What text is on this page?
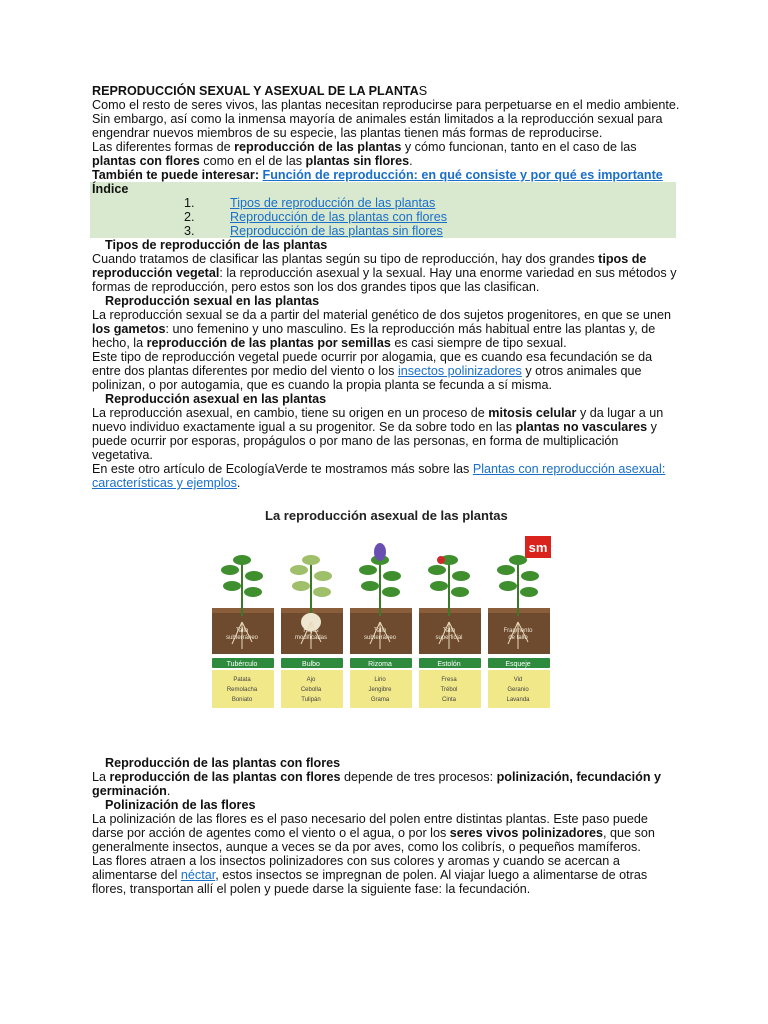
REPRODUCCIÓN SEXUAL Y ASEXUAL DE LA PLANTAS

Como el resto de seres vivos, las plantas necesitan reproducirse para perpetuarse en el medio ambiente. Sin embargo, así como la inmensa mayoría de animales están limitados a la reproducción sexual para engendrar nuevos miembros de su especie, las plantas tienen más formas de reproducirse.

Las diferentes formas de reproducción de las plantas y cómo funcionan, tanto en el caso de las plantas con flores como en el de las plantas sin flores.

También te puede interesar: Función de reproducción: en qué consiste y por qué es importante

Índice
1.	Tipos de reproducción de las plantas
2.	Reproducción de las plantas con flores
3.	Reproducción de las plantas sin flores

Tipos de reproducción de las plantas

Cuando tratamos de clasificar las plantas según su tipo de reproducción, hay dos grandes tipos de reproducción vegetal: la reproducción asexual y la sexual. Hay una enorme variedad en sus métodos y formas de reproducción, pero estos son los dos grandes tipos que las clasifican.

Reproducción sexual en las plantas

La reproducción sexual se da a partir del material genético de dos sujetos progenitores, en que se unen los gametos: uno femenino y uno masculino. Es la reproducción más habitual entre las plantas y, de hecho, la reproducción de las plantas por semillas es casi siempre de tipo sexual.

Este tipo de reproducción vegetal puede ocurrir por alogamia, que es cuando esa fecundación se da entre dos plantas diferentes por medio del viento o los insectos polinizadores y otros animales que polinizan, o por autogamia, que es cuando la propia planta se fecunda a sí misma.

Reproducción asexual en las plantas

La reproducción asexual, en cambio, tiene su origen en un proceso de mitosis celular y da lugar a un nuevo individuo exactamente igual a su progenitor. Se da sobre todo en las plantas no vasculares y puede ocurrir por esporas, propágulos o por mano de las personas, en forma de multiplicación vegetativa.

En este otro artículo de EcologíaVerde te mostramos más sobre las Plantas con reproducción asexual: características y ejemplos.

La reproducción asexual de las plantas
sm
Tallo
subterráneo
Tubérculo
Patata
Remolacha
Boniato
Hojas
modificadas
Bulbo
Ajo
Cebolla
Tulipán
Tallo
subterráneo
Rizoma
Lirio
Jengibre
Grama
Tallo
superficial
Estolón
Fresa
Trébol
Cinta
Fragmento
de tallo
Esqueje
Vid
Geranio
Lavanda

Reproducción de las plantas con flores

La reproducción de las plantas con flores depende de tres procesos: polinización, fecundación y germinación.

Polinización de las flores

La polinización de las flores es el paso necesario del polen entre distintas plantas. Este paso puede darse por acción de agentes como el viento o el agua, o por los seres vivos polinizadores, que son generalmente insectos, aunque a veces se da por aves, como los colibrís, o pequeños mamíferos.

Las flores atraen a los insectos polinizadores con sus colores y aromas y cuando se acercan a alimentarse del néctar, estos insectos se impregnan de polen. Al viajar luego a alimentarse de otras flores, transportan allí el polen y puede darse la siguiente fase: la fecundación.
